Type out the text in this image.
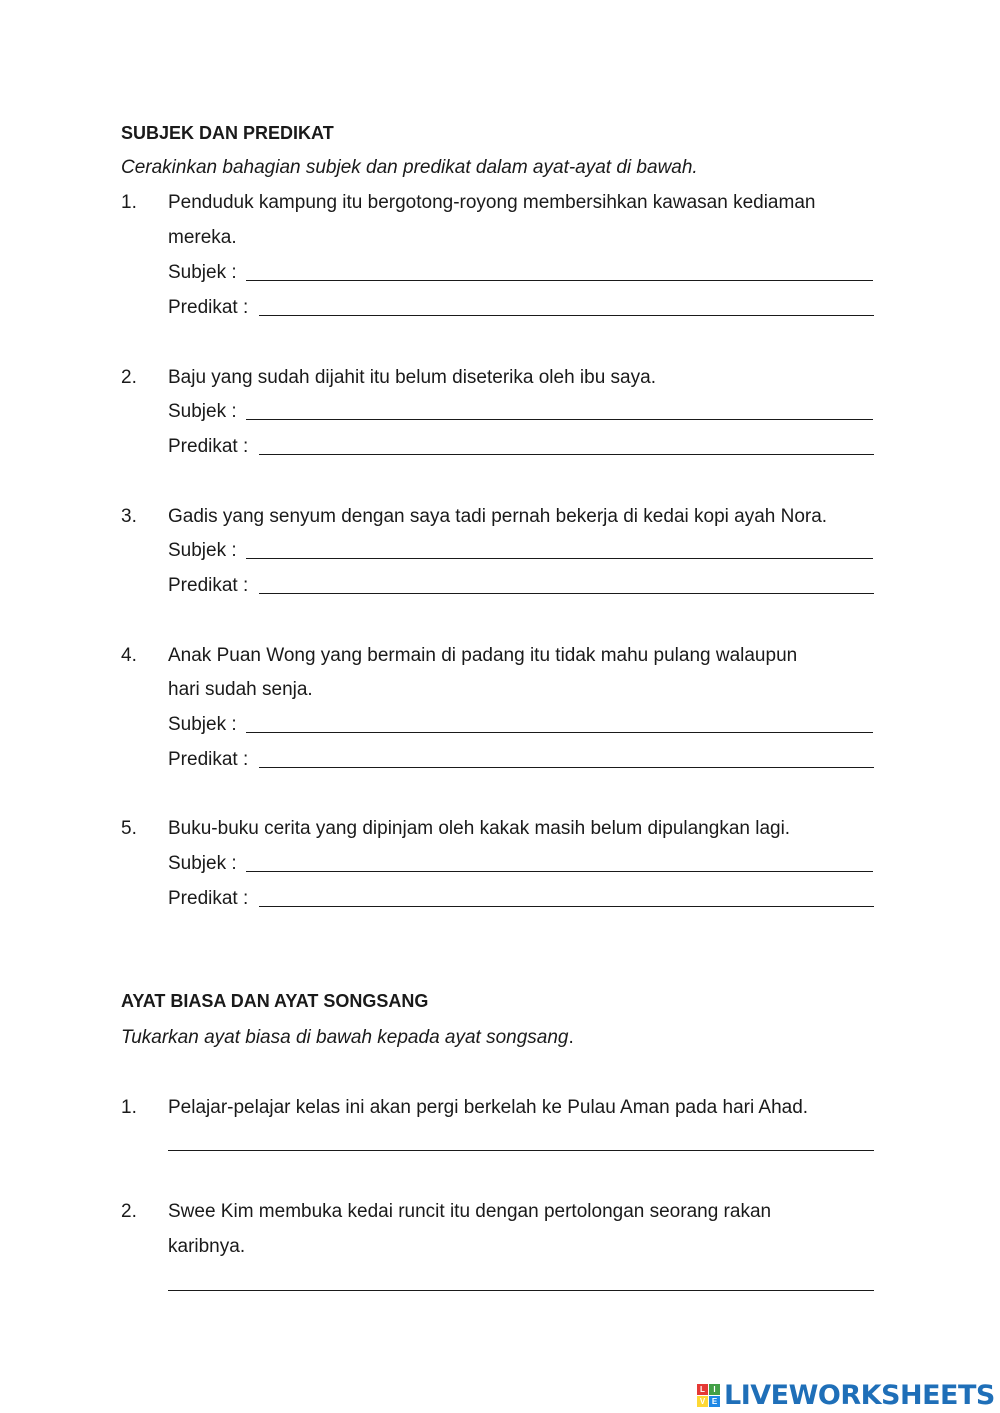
SUBJEK DAN PREDIKAT
Cerakinkan bahagian subjek dan predikat dalam ayat-ayat di bawah.
1. Penduduk kampung itu bergotong-royong membersihkan kawasan kediaman
mereka.
Subjek :
Predikat :
2. Baju yang sudah dijahit itu belum diseterika oleh ibu saya.
Subjek :
Predikat :
3. Gadis yang senyum dengan saya tadi pernah bekerja di kedai kopi ayah Nora.
Subjek :
Predikat :
4. Anak Puan Wong yang bermain di padang itu tidak mahu pulang walaupun
hari sudah senja.
Subjek :
Predikat :
5. Buku-buku cerita yang dipinjam oleh kakak masih belum dipulangkan lagi.
Subjek :
Predikat :
AYAT BIASA DAN AYAT SONGSANG
Tukarkan ayat biasa di bawah kepada ayat songsang.
1. Pelajar-pelajar kelas ini akan pergi berkelah ke Pulau Aman pada hari Ahad.
2. Swee Kim membuka kedai runcit itu dengan pertolongan seorang rakan
karibnya.
L	I
V E LIVEWORKSHEETS
